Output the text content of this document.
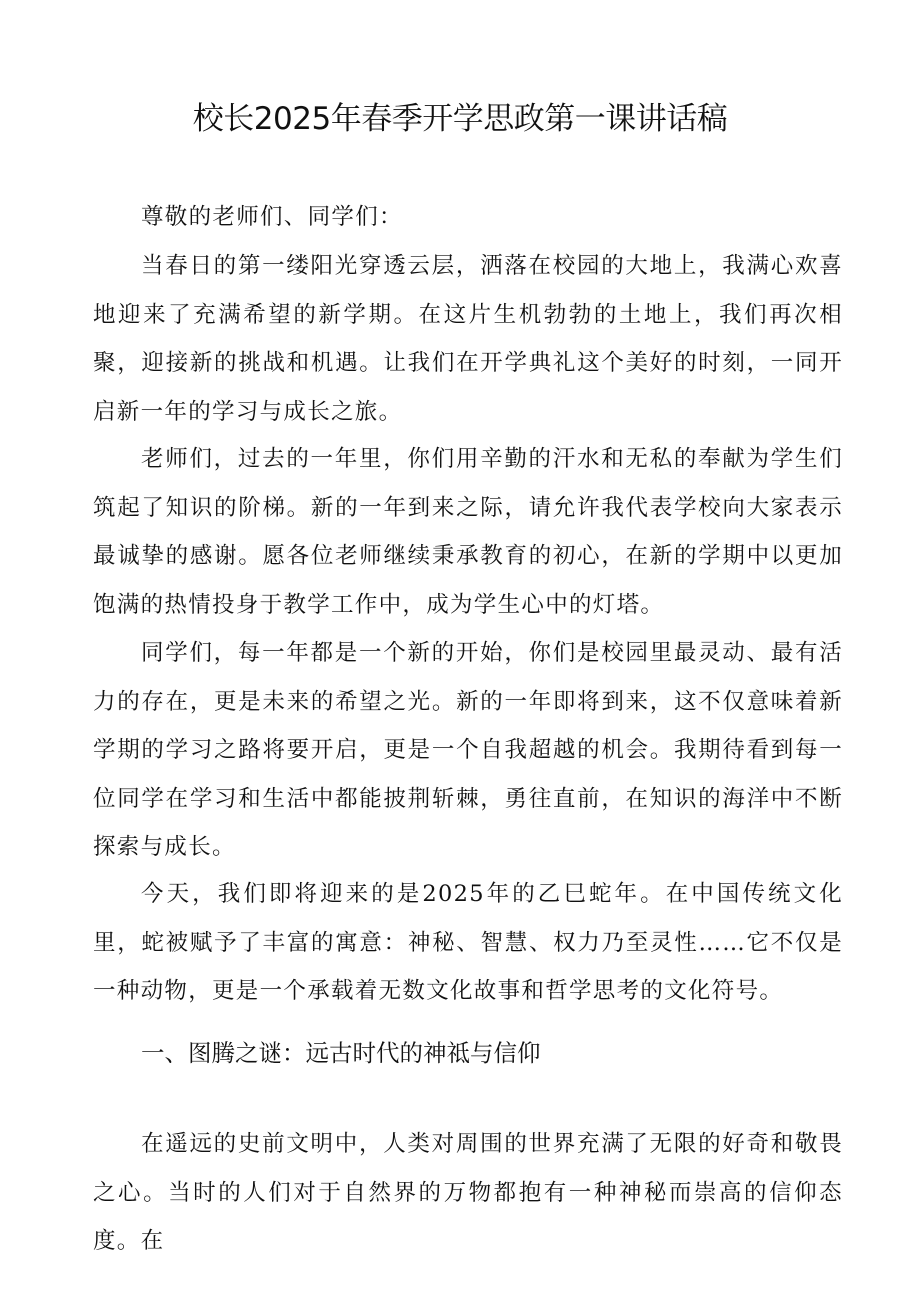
校长2025年春季开学思政第一课讲话稿

尊敬的老师们、同学们：

当春日的第一缕阳光穿透云层，洒落在校园的大地上，我满心欢喜地迎来了充满希望的新学期。在这片生机勃勃的土地上，我们再次相聚，迎接新的挑战和机遇。让我们在开学典礼这个美好的时刻，一同开启新一年的学习与成长之旅。

老师们，过去的一年里，你们用辛勤的汗水和无私的奉献为学生们筑起了知识的阶梯。新的一年到来之际，请允许我代表学校向大家表示最诚挚的感谢。愿各位老师继续秉承教育的初心，在新的学期中以更加饱满的热情投身于教学工作中，成为学生心中的灯塔。

同学们，每一年都是一个新的开始，你们是校园里最灵动、最有活力的存在，更是未来的希望之光。新的一年即将到来，这不仅意味着新学期的学习之路将要开启，更是一个自我超越的机会。我期待看到每一位同学在学习和生活中都能披荆斩棘，勇往直前，在知识的海洋中不断探索与成长。

今天，我们即将迎来的是2025年的乙巳蛇年。在中国传统文化里，蛇被赋予了丰富的寓意：神秘、智慧、权力乃至灵性……它不仅是一种动物，更是一个承载着无数文化故事和哲学思考的文化符号。

一、图腾之谜：远古时代的神祗与信仰

在遥远的史前文明中，人类对周围的世界充满了无限的好奇和敬畏之心。当时的人们对于自然界的万物都抱有一种神秘而崇高的信仰态度。在
